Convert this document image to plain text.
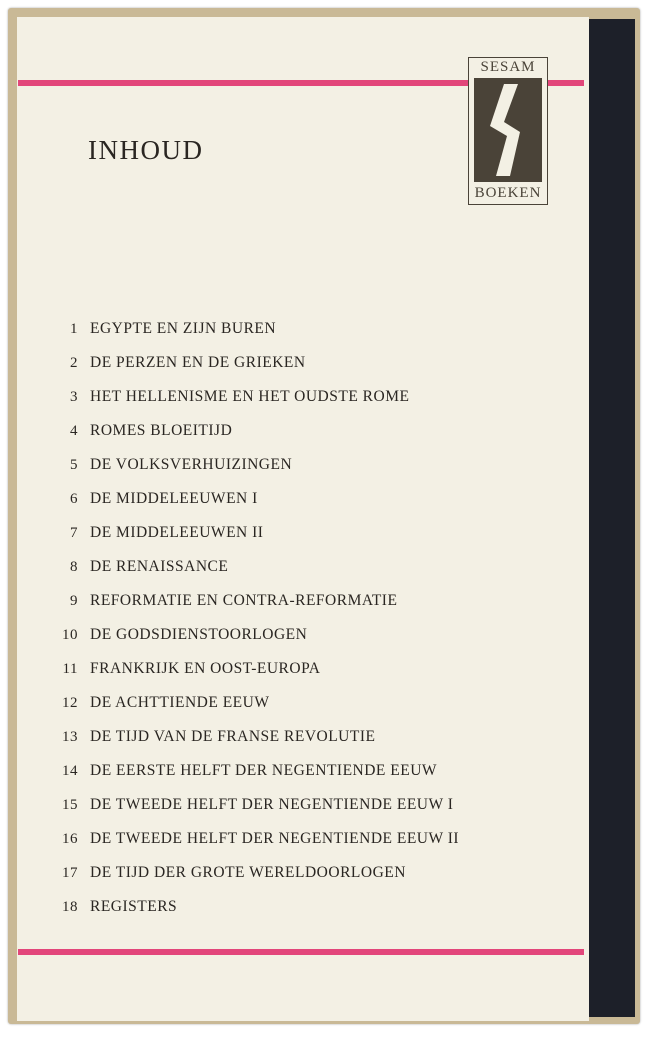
SESAM
BOEKEN
INHOUD
1 EGYPTE EN ZIJN BUREN
2 DE PERZEN EN DE GRIEKEN
3 HET HELLENISME EN HET OUDSTE ROME
4 ROMES BLOEITIJD
5 DE VOLKSVERHUIZINGEN
6 DE MIDDELEEUWEN I
7 DE MIDDELEEUWEN II
8 DE RENAISSANCE
9 REFORMATIE EN CONTRA-REFORMATIE
10 DE GODSDIENSTOORLOGEN
11 FRANKRIJK EN OOST-EUROPA
12 DE ACHTTIENDE EEUW
13 DE TIJD VAN DE FRANSE REVOLUTIE
14 DE EERSTE HELFT DER NEGENTIENDE EEUW
15 DE TWEEDE HELFT DER NEGENTIENDE EEUW I
16 DE TWEEDE HELFT DER NEGENTIENDE EEUW II
17 DE TIJD DER GROTE WERELDOORLOGEN
18 REGISTERS
